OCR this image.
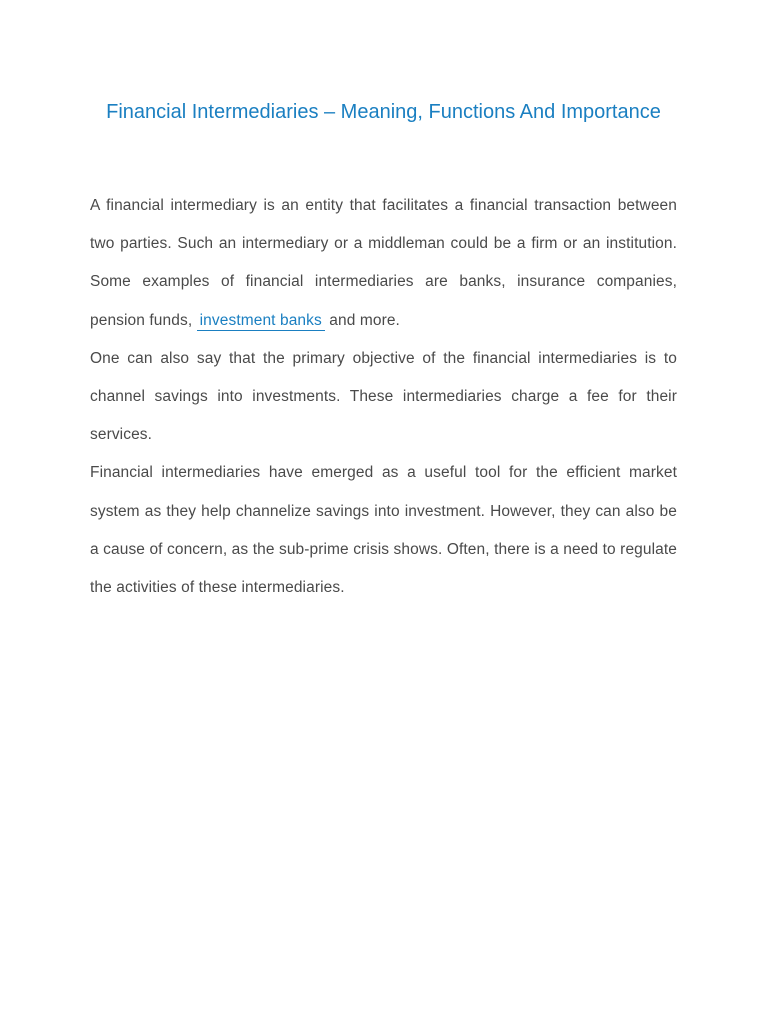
Financial Intermediaries – Meaning, Functions And Importance

A financial intermediary is an entity that facilitates a financial transaction between two parties. Such an intermediary or a middleman could be a firm or an institution. Some examples of financial intermediaries are banks, insurance companies, pension funds, investment banks and more.

One can also say that the primary objective of the financial intermediaries is to channel savings into investments. These intermediaries charge a fee for their services.

Financial intermediaries have emerged as a useful tool for the efficient market system as they help channelize savings into investment. However, they can also be a cause of concern, as the sub-prime crisis shows. Often, there is a need to regulate the activities of these intermediaries.
